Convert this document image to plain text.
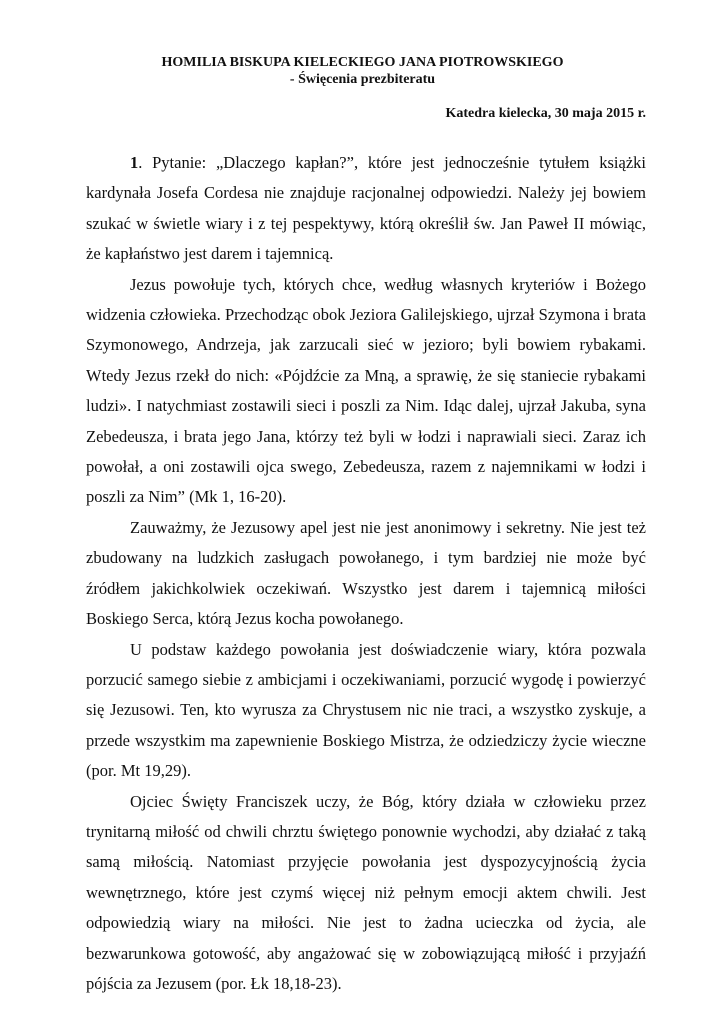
HOMILIA BISKUPA KIELECKIEGO JANA PIOTROWSKIEGO
- Święcenia prezbiteratu
Katedra kielecka, 30 maja 2015 r.

1. Pytanie: „Dlaczego kapłan?”, które jest jednocześnie tytułem książki kardynała Josefa Cordesa nie znajduje racjonalnej odpowiedzi. Należy jej bowiem szukać w świetle wiary i z tej pespektywy, którą określił św. Jan Paweł II mówiąc, że kapłaństwo jest darem i tajemnicą.

Jezus powołuje tych, których chce, według własnych kryteriów i Bożego widzenia człowieka. Przechodząc obok Jeziora Galilejskiego, ujrzał Szymona i brata Szymonowego, Andrzeja, jak zarzucali sieć w jezioro; byli bowiem rybakami. Wtedy Jezus rzekł do nich: «Pójdźcie za Mną, a sprawię, że się staniecie rybakami ludzi». I natychmiast zostawili sieci i poszli za Nim. Idąc dalej, ujrzał Jakuba, syna Zebedeusza, i brata jego Jana, którzy też byli w łodzi i naprawiali sieci. Zaraz ich powołał, a oni zostawili ojca swego, Zebedeusza, razem z najemnikami w łodzi i poszli za Nim” (Mk 1, 16-20).

Zauważmy, że Jezusowy apel jest nie jest anonimowy i sekretny. Nie jest też zbudowany na ludzkich zasługach powołanego, i tym bardziej nie może być źródłem jakichkolwiek oczekiwań. Wszystko jest darem i tajemnicą miłości Boskiego Serca, którą Jezus kocha powołanego.

U podstaw każdego powołania jest doświadczenie wiary, która pozwala porzucić samego siebie z ambicjami i oczekiwaniami, porzucić wygodę i powierzyć się Jezusowi. Ten, kto wyrusza za Chrystusem nic nie traci, a wszystko zyskuje, a przede wszystkim ma zapewnienie Boskiego Mistrza, że odziedziczy życie wieczne (por. Mt 19,29).

Ojciec Święty Franciszek uczy, że Bóg, który działa w człowieku przez trynitarną miłość od chwili chrztu świętego ponownie wychodzi, aby działać z taką samą miłością. Natomiast przyjęcie powołania jest dyspozycyjnością życia wewnętrznego, które jest czymś więcej niż pełnym emocji aktem chwili. Jest odpowiedzią wiary na miłości. Nie jest to żadna ucieczka od życia, ale bezwarunkowa gotowość, aby angażować się w zobowiązującą miłość i przyjaźń pójścia za Jezusem (por. Łk 18,18-23).
